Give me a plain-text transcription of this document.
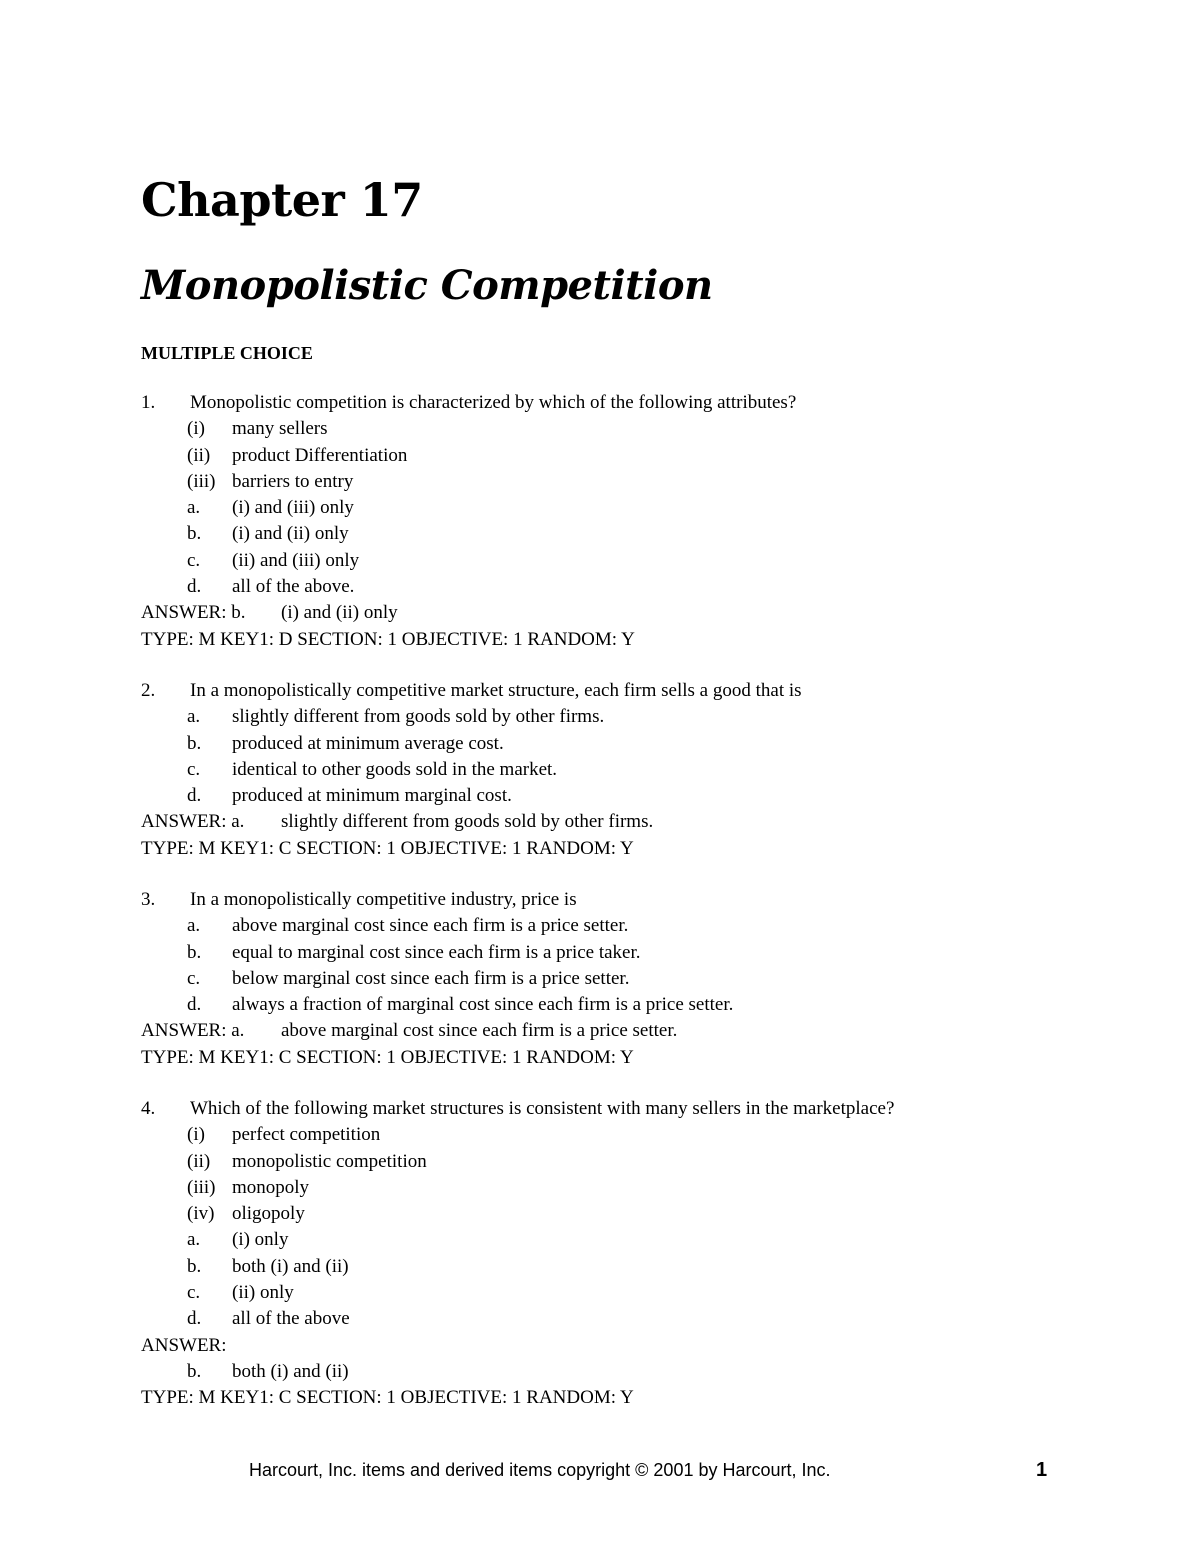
Chapter 17
Monopolistic Competition
MULTIPLE CHOICE
1. Monopolistic competition is characterized by which of the following attributes?
(i) many sellers
(ii) product Differentiation
(iii) barriers to entry
a. (i) and (iii) only
b. (i) and (ii) only
c. (ii) and (iii) only
d. all of the above.
ANSWER: b. (i) and (ii) only
TYPE: M KEY1: D SECTION: 1 OBJECTIVE: 1 RANDOM: Y
2. In a monopolistically competitive market structure, each firm sells a good that is
a. slightly different from goods sold by other firms.
b. produced at minimum average cost.
c. identical to other goods sold in the market.
d. produced at minimum marginal cost.
ANSWER: a. slightly different from goods sold by other firms.
TYPE: M KEY1: C SECTION: 1 OBJECTIVE: 1 RANDOM: Y
3. In a monopolistically competitive industry, price is
a. above marginal cost since each firm is a price setter.
b. equal to marginal cost since each firm is a price taker.
c. below marginal cost since each firm is a price setter.
d. always a fraction of marginal cost since each firm is a price setter.
ANSWER: a. above marginal cost since each firm is a price setter.
TYPE: M KEY1: C SECTION: 1 OBJECTIVE: 1 RANDOM: Y
4. Which of the following market structures is consistent with many sellers in the marketplace?
(i) perfect competition
(ii) monopolistic competition
(iii) monopoly
(iv) oligopoly
a. (i) only
b. both (i) and (ii)
c. (ii) only
d. all of the above
ANSWER:
b. both (i) and (ii)
TYPE: M KEY1: C SECTION: 1 OBJECTIVE: 1 RANDOM: Y
Harcourt, Inc. items and derived items copyright © 2001 by Harcourt, Inc.	1
